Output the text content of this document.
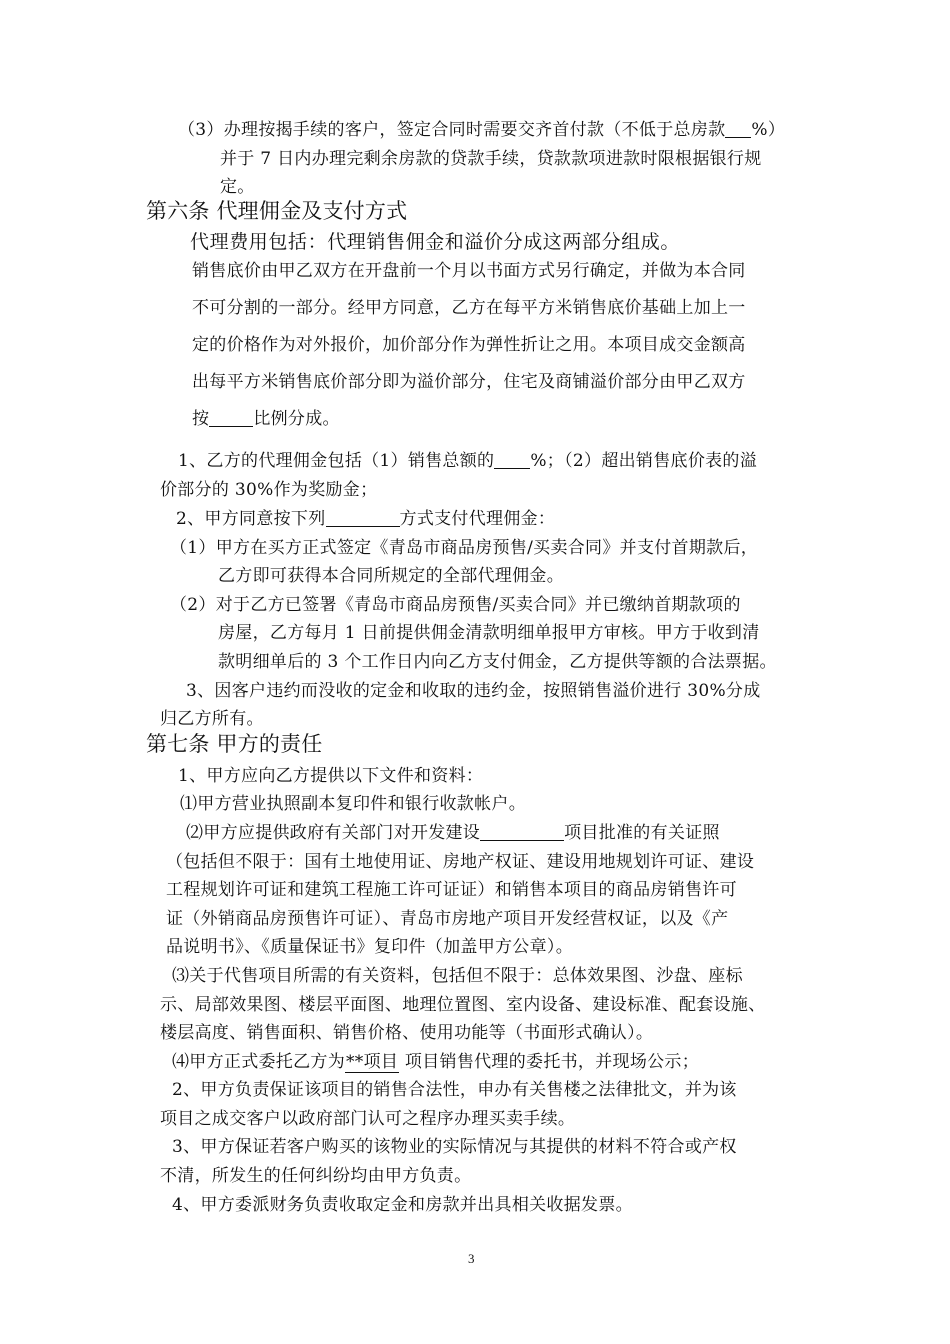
（3）办理按揭手续的客户，签定合同时需要交齐首付款（不低于总房款 %）
并于 7 日内办理完剩余房款的贷款手续，贷款款项进款时限根据银行规
定。
第六条 代理佣金及支付方式
代理费用包括：代理销售佣金和溢价分成这两部分组成。
销售底价由甲乙双方在开盘前一个月以书面方式另行确定，并做为本合同
不可分割的一部分。经甲方同意，乙方在每平方米销售底价基础上加上一
定的价格作为对外报价，加价部分作为弹性折让之用。本项目成交金额高
出每平方米销售底价部分即为溢价部分，住宅及商铺溢价部分由甲乙双方
按	比例分成。
1、乙方的代理佣金包括（1）销售总额的 %；（2）超出销售底价表的溢
价部分的 30%作为奖励金；
2、甲方同意按下列	方式支付代理佣金：
（1）甲方在买方正式签定《青岛市商品房预售/买卖合同》并支付首期款后，
乙方即可获得本合同所规定的全部代理佣金。
（2）对于乙方已签署《青岛市商品房预售/买卖合同》并已缴纳首期款项的
房屋，乙方每月 1 日前提供佣金清款明细单报甲方审核。甲方于收到清
款明细单后的 3 个工作日内向乙方支付佣金，乙方提供等额的合法票据。
3、因客户违约而没收的定金和收取的违约金，按照销售溢价进行 30%分成
归乙方所有。
第七条 甲方的责任
1、甲方应向乙方提供以下文件和资料：
⑴甲方营业执照副本复印件和银行收款帐户。
⑵甲方应提供政府有关部门对开发建设	项目批准的有关证照
（包括但不限于：国有土地使用证、房地产权证、建设用地规划许可证、建设
工程规划许可证和建筑工程施工许可证证）和销售本项目的商品房销售许可
证（外销商品房预售许可证）、青岛市房地产项目开发经营权证，以及《产
品说明书》、《质量保证书》复印件（加盖甲方公章）。
⑶关于代售项目所需的有关资料，包括但不限于：总体效果图、沙盘、座标
示、局部效果图、楼层平面图、地理位置图、室内设备、建设标准、配套设施、
楼层高度、销售面积、销售价格、使用功能等（书面形式确认）。
⑷甲方正式委托乙方为**项目 项目销售代理的委托书，并现场公示；
2、甲方负责保证该项目的销售合法性，申办有关售楼之法律批文，并为该
项目之成交客户以政府部门认可之程序办理买卖手续。
3、甲方保证若客户购买的该物业的实际情况与其提供的材料不符合或产权
不清，所发生的任何纠纷均由甲方负责。
4、甲方委派财务负责收取定金和房款并出具相关收据发票。
3
